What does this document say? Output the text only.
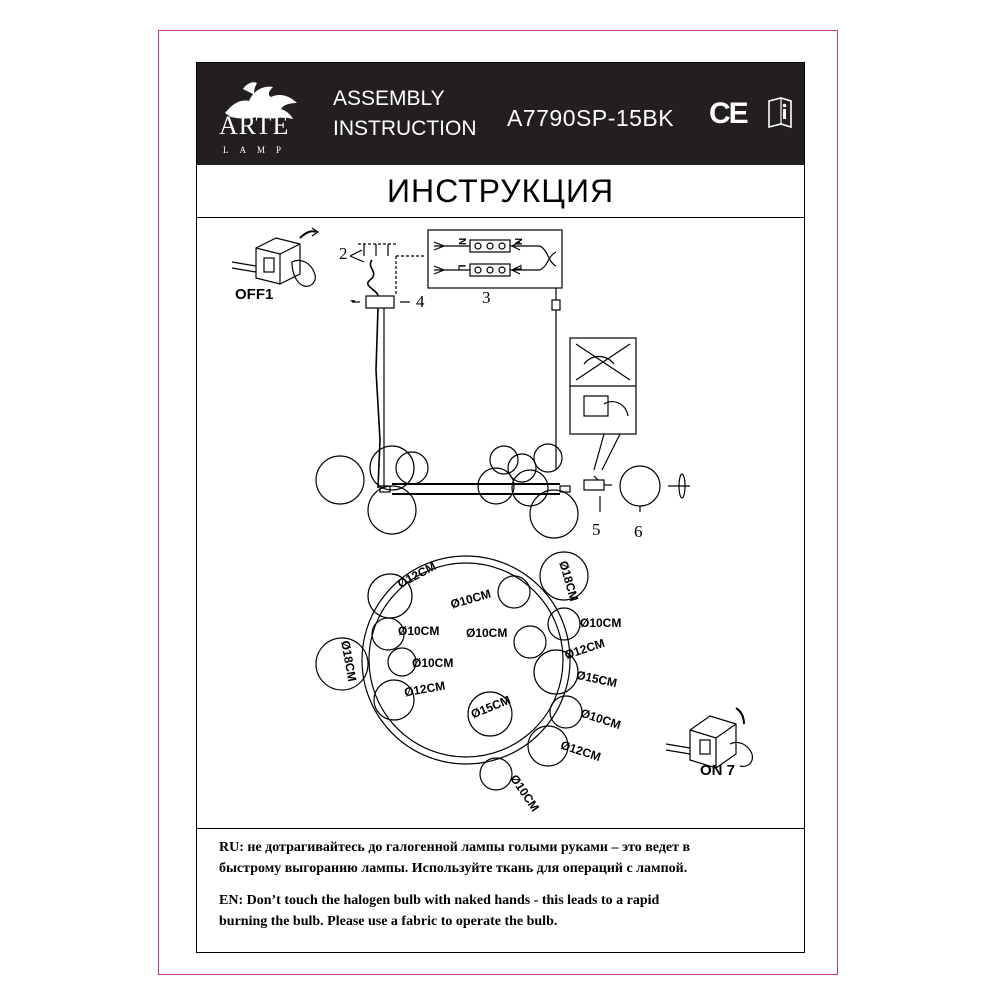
ARTE
LAMP
ASSEMBLY
INSTRUCTION A7790SP-15BK CE
ИНСТРУКЦИЯ
RU: не дотрагивайтесь до галогенной лампы голыми руками – это ведет в
быстрому выгоранию лампы. Используйте ткань для операций с лампой.
EN: Don’t touch the halogen bulb with naked hands - this leads to a rapid
burning the bulb. Please use a fabric to operate the bulb.
2
OFF1	-	4	3
5 6
ON 7
N
L
N
L
Ø12CM	Ø18CM
Ø10CM
Ø10CM
Ø10CM Ø10CM
Ø18CM	Ø10CM
Ø12CM
Ø15CM
Ø12CM
Ø15CM	Ø10CM
Ø12CM
Ø10CM
